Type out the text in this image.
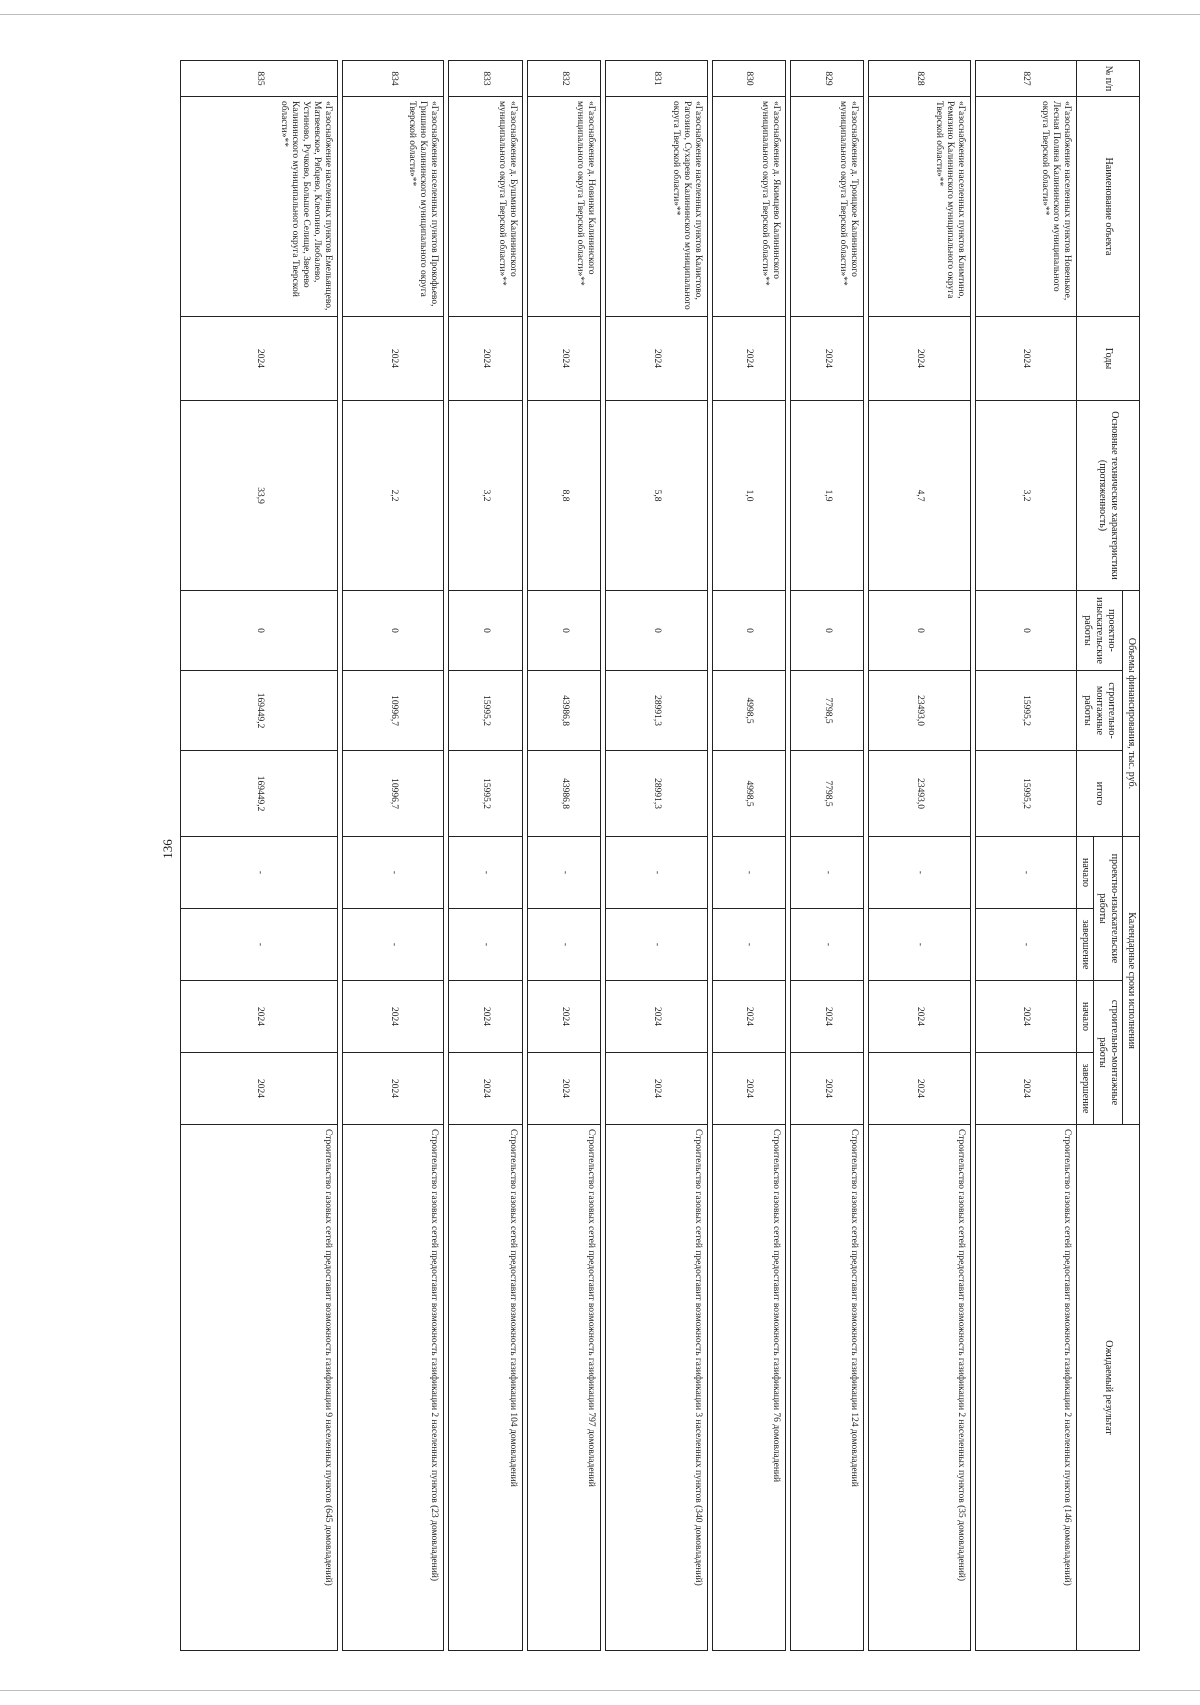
136
№ п/п	Наименование объекта	Годы	Основные технические характеристики (протяженность)	Объемы финансирования, тыс. руб.			Календарные сроки исполнения				Ожидаемый результат
				проектно-изыскательские работы	строительно-монтажные работы	итого	проектно-изыскательские работы		строительно-монтажные работы		
							начало	завершение	начало	завершение	
827	«Газоснабжение населенных пунктов Новенькое, Лесная Поляна Калининского муниципального округа Тверской области»**	2024	3,2	0	15995,2	15995,2	-	-	2024	2024	Строительство газовых сетей предоставит возможность газификации 2 населенных пунктов (146 домовладений)

828	«Газоснабжение населенных пунктов Климтино, Ремязино Калининского муниципального округа Тверской области»**	2024	4,7	0	23493,0	23493,0	-	-	2024	2024	Строительство газовых сетей предоставит возможность газификации 2 населенных пунктов (35 домовладений)

829	«Газоснабжение д. Троицкое Калининского муниципального округа Тверской области»**	2024	1,9	0	7798,5	7798,5	-	-	2024	2024	Строительство газовых сетей предоставит возможность газификации 124 домовладений

830	«Газоснабжение д. Якимцево Калининского муниципального округа Тверской области»**	2024	1,0	0	4998,5	4998,5	-	-	2024	2024	Строительство газовых сетей предоставит возможность газификации 76 домовладений

831	«Газоснабжение населенных пунктов Калистово, Рагозино, Сухарево Калининского муниципального округа Тверской области»**	2024	5,8	0	28991,3	28991,3	-	-	2024	2024	Строительство газовых сетей предоставит возможность газификации 3 населенных пунктов (340 домовладений)

832	«Газоснабжение д. Новинки Калининского муниципального округа Тверской области»**	2024	8,8	0	43986,8	43986,8	-	-	2024	2024	Строительство газовых сетей предоставит возможность газификации 797 домовладений

833	«Газоснабжение д. Бушмино Калининского муниципального округа Тверской области»**	2024	3,2	0	15995,2	15995,2	-	-	2024	2024	Строительство газовых сетей предоставит возможность газификации 104 домовладений

834	«Газоснабжение населенных пунктов Прокофьево, Гришино Калининского муниципального округа Тверской области»**	2024	2,2	0	10996,7	10996,7	-	-	2024	2024	Строительство газовых сетей предоставит возможность газификации 2 населенных пунктов (23 домовладений)

835	«Газоснабжение населенных пунктов Емельянцево, Матвеевское, Рябцево, Клеопино, Любалево, Устиново, Ручково, Большое Селище, Зверево Калининского муниципального округа Тверской области»**	2024	33,9	0	169449,2	169449,2	-	-	2024	2024	Строительство газовых сетей предоставит возможность газификации 9 населенных пунктов (645 домовладений)
